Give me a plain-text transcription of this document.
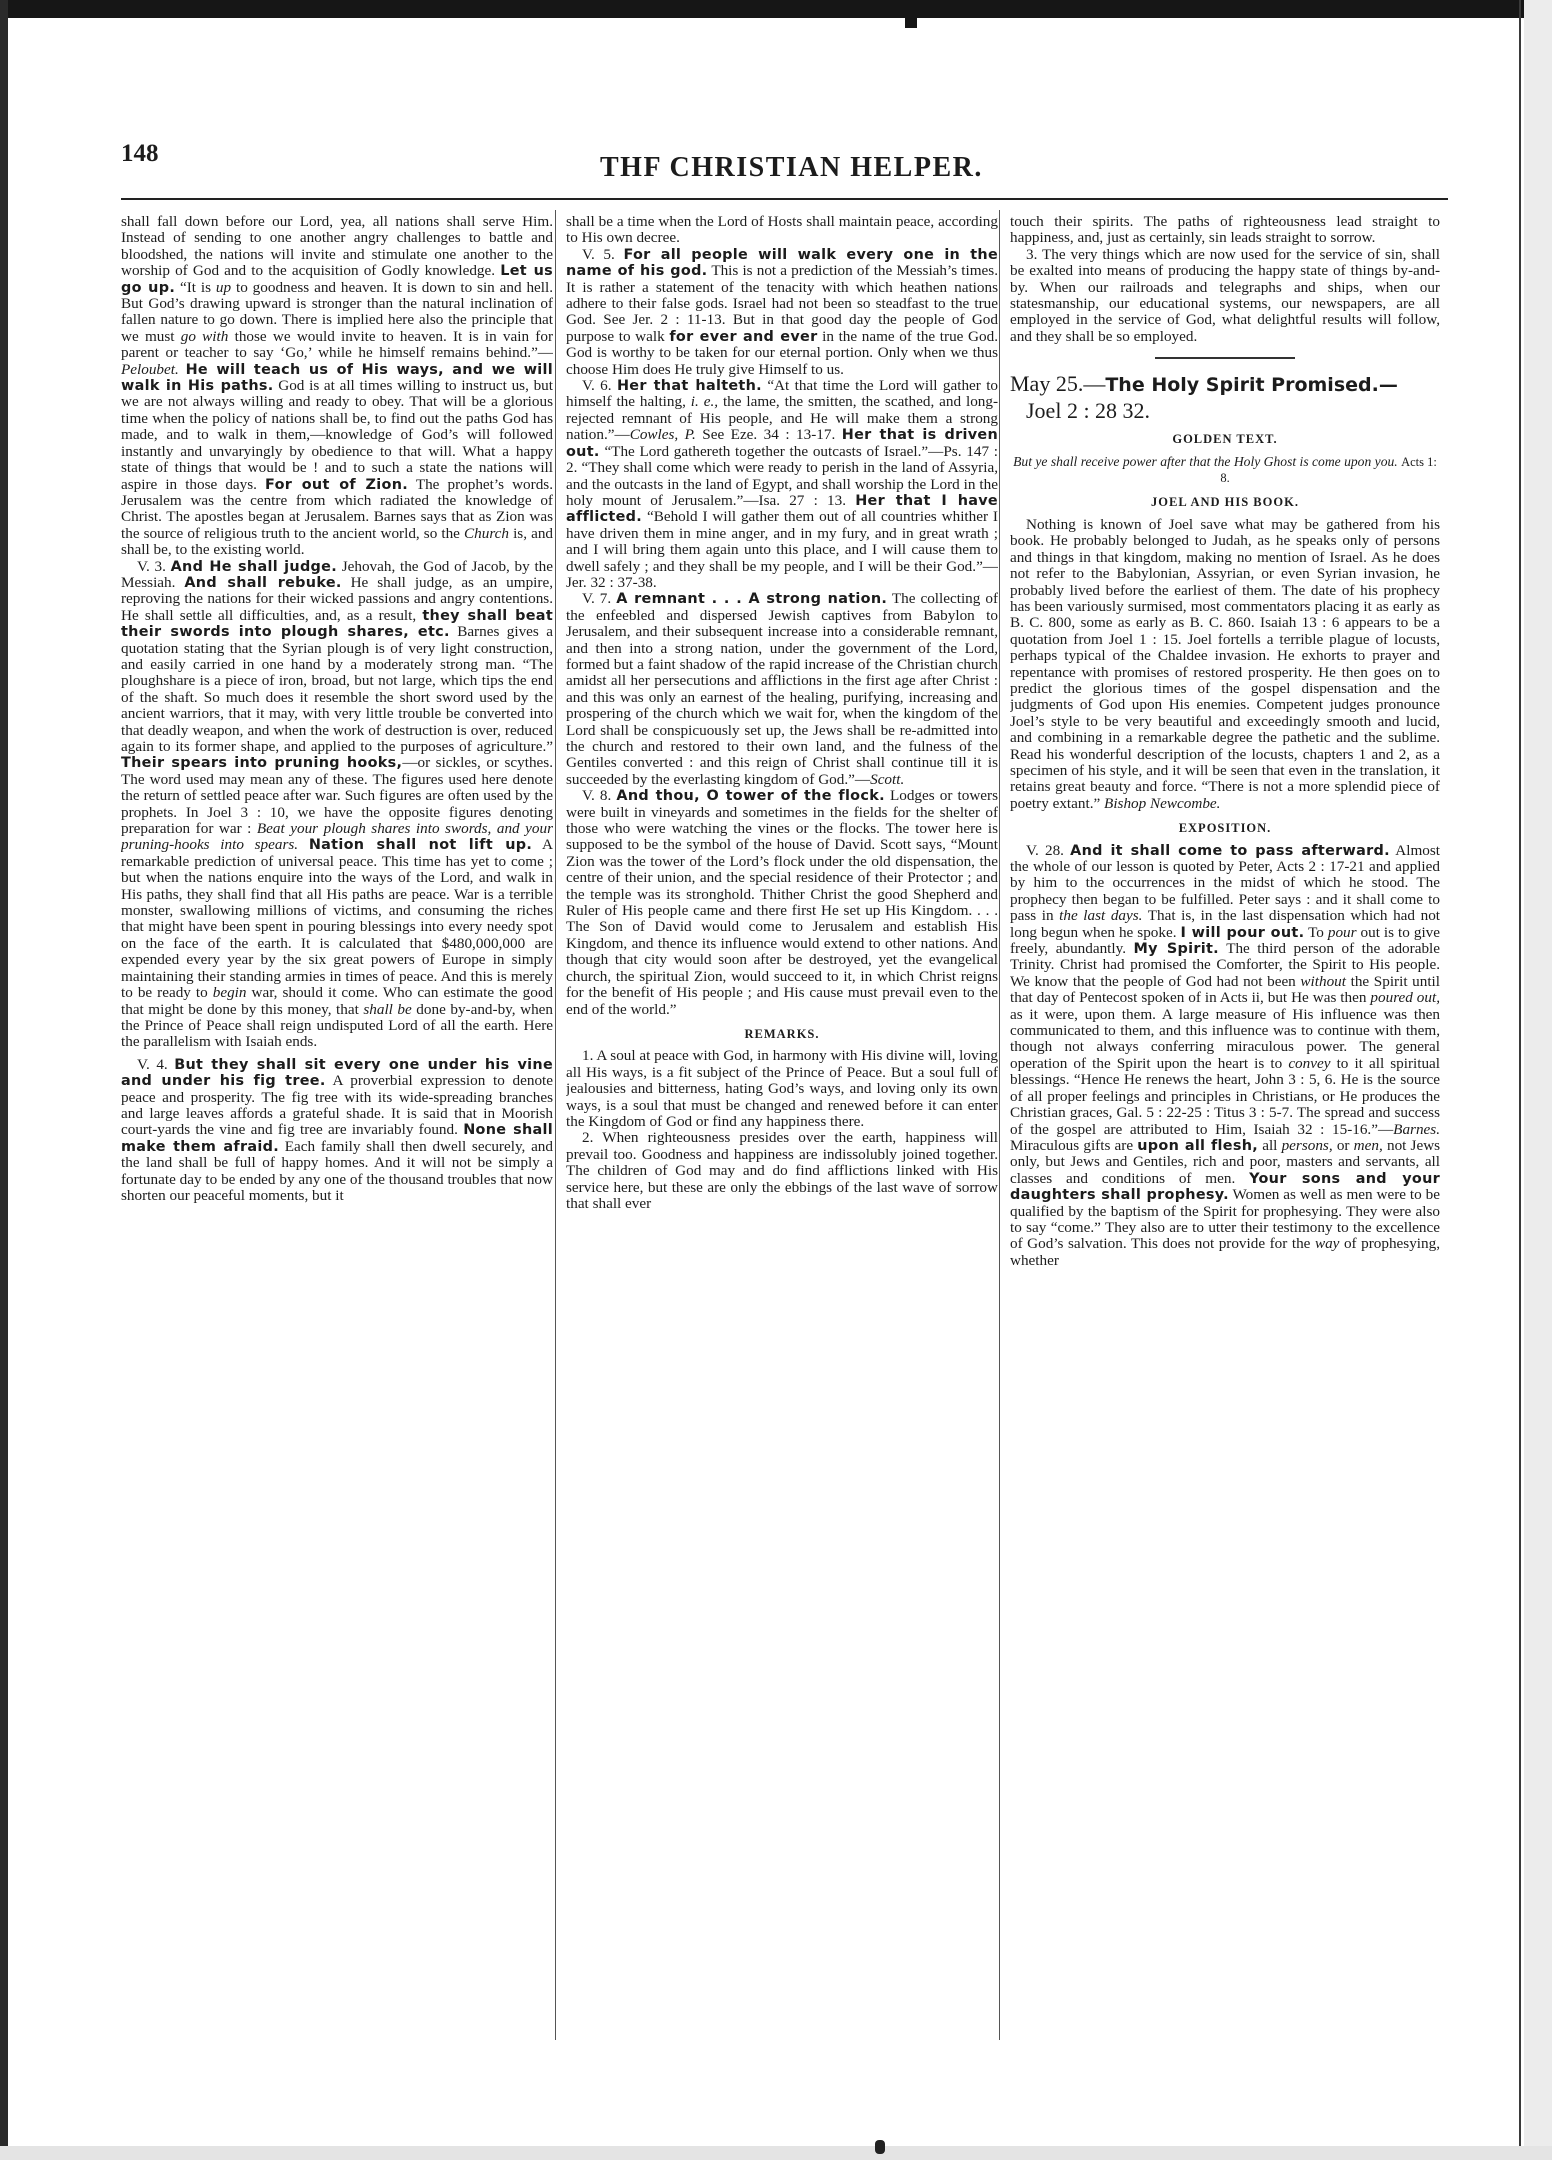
148	THF CHRISTIAN HELPER.

shall fall down before our Lord, yea, all nations shall serve Him. Instead of sending to one another angry challenges to battle and bloodshed, the nations will invite and stimulate one another to the worship of God and to the acquisition of Godly knowledge. Let us go up. “It is up to goodness and heaven. It is down to sin and hell. But God’s drawing upward is stronger than the natural inclination of fallen nature to go down. There is implied here also the principle that we must go with those we would invite to heaven. It is in vain for parent or teacher to say ‘Go,’ while he himself remains behind.”—Peloubet. He will teach us of His ways, and we will walk in His paths. God is at all times willing to instruct us, but we are not always willing and ready to obey. That will be a glorious time when the policy of nations shall be, to find out the paths God has made, and to walk in them,—knowledge of God’s will followed instantly and unvaryingly by obedience to that will. What a happy state of things that would be ! and to such a state the nations will aspire in those days. For out of Zion. The prophet’s words. Jerusalem was the centre from which radiated the knowledge of Christ. The apostles began at Jerusalem. Barnes says that as Zion was the source of religious truth to the ancient world, so the Church is, and shall be, to the existing world.

V. 3. And He shall judge. Jehovah, the God of Jacob, by the Messiah. And shall rebuke. He shall judge, as an umpire, reproving the nations for their wicked passions and angry contentions. He shall settle all difficulties, and, as a result, they shall beat their swords into plough shares, etc. Barnes gives a quotation stating that the Syrian plough is of very light construction, and easily carried in one hand by a moderately strong man. “The ploughshare is a piece of iron, broad, but not large, which tips the end of the shaft. So much does it resemble the short sword used by the ancient warriors, that it may, with very little trouble be converted into that deadly weapon, and when the work of destruction is over, reduced again to its former shape, and applied to the purposes of agriculture.” Their spears into pruning hooks,—or sickles, or scythes. The word used may mean any of these. The figures used here denote the return of settled peace after war. Such figures are often used by the prophets. In Joel 3 : 10, we have the opposite figures denoting preparation for war : Beat your plough shares into swords, and your pruning-hooks into spears. Nation shall not lift up. A remarkable prediction of universal peace. This time has yet to come ; but when the nations enquire into the ways of the Lord, and walk in His paths, they shall find that all His paths are peace. War is a terrible monster, swallowing millions of victims, and consuming the riches that might have been spent in pouring blessings into every needy spot on the face of the earth. It is calculated that $480,000,000 are expended every year by the six great powers of Europe in simply maintaining their standing armies in times of peace. And this is merely to be ready to begin war, should it come. Who can estimate the good that might be done by this money, that shall be done by-and-by, when the Prince of Peace shall reign undisputed Lord of all the earth. Here the parallelism with Isaiah ends.

V. 4. But they shall sit every one under his vine and under his fig tree. A proverbial expression to denote peace and prosperity. The fig tree with its wide-spreading branches and large leaves affords a grateful shade. It is said that in Moorish court-yards the vine and fig tree are invariably found. None shall make them afraid. Each family shall then dwell securely, and the land shall be full of happy homes. And it will not be simply a fortunate day to be ended by any one of the thousand troubles that now shorten our peaceful moments, but it

shall be a time when the Lord of Hosts shall maintain peace, according to His own decree.

V. 5. For all people will walk every one in the name of his god. This is not a prediction of the Messiah’s times. It is rather a statement of the tenacity with which heathen nations adhere to their false gods. Israel had not been so steadfast to the true God. See Jer. 2 : 11-13. But in that good day the people of God purpose to walk for ever and ever in the name of the true God. God is worthy to be taken for our eternal portion. Only when we thus choose Him does He truly give Himself to us.

V. 6. Her that halteth. “At that time the Lord will gather to himself the halting, i. e., the lame, the smitten, the scathed, and long-rejected remnant of His people, and He will make them a strong nation.”—Cowles, P. See Eze. 34 : 13-17. Her that is driven out. “The Lord gathereth together the outcasts of Israel.”—Ps. 147 : 2. “They shall come which were ready to perish in the land of Assyria, and the outcasts in the land of Egypt, and shall worship the Lord in the holy mount of Jerusalem.”—Isa. 27 : 13. Her that I have afflicted. “Behold I will gather them out of all countries whither I have driven them in mine anger, and in my fury, and in great wrath ; and I will bring them again unto this place, and I will cause them to dwell safely ; and they shall be my people, and I will be their God.”—Jer. 32 : 37-38.

V. 7. A remnant . . . A strong nation. The collecting of the enfeebled and dispersed Jewish captives from Babylon to Jerusalem, and their subsequent increase into a considerable remnant, and then into a strong nation, under the government of the Lord, formed but a faint shadow of the rapid increase of the Christian church amidst all her persecutions and afflictions in the first age after Christ : and this was only an earnest of the healing, purifying, increasing and prospering of the church which we wait for, when the kingdom of the Lord shall be conspicuously set up, the Jews shall be re-admitted into the church and restored to their own land, and the fulness of the Gentiles converted : and this reign of Christ shall continue till it is succeeded by the everlasting kingdom of God.”—Scott.

V. 8. And thou, O tower of the flock. Lodges or towers were built in vineyards and sometimes in the fields for the shelter of those who were watching the vines or the flocks. The tower here is supposed to be the symbol of the house of David. Scott says, “Mount Zion was the tower of the Lord’s flock under the old dispensation, the centre of their union, and the special residence of their Protector ; and the temple was its stronghold. Thither Christ the good Shepherd and Ruler of His people came and there first He set up His Kingdom. . . . The Son of David would come to Jerusalem and establish His Kingdom, and thence its influence would extend to other nations. And though that city would soon after be destroyed, yet the evangelical church, the spiritual Zion, would succeed to it, in which Christ reigns for the benefit of His people ; and His cause must prevail even to the end of the world.”

REMARKS.

1. A soul at peace with God, in harmony with His divine will, loving all His ways, is a fit subject of the Prince of Peace. But a soul full of jealousies and bitterness, hating God’s ways, and loving only its own ways, is a soul that must be changed and renewed before it can enter the Kingdom of God or find any happiness there.

2. When righteousness presides over the earth, happiness will prevail too. Goodness and happiness are indissolubly joined together. The children of God may and do find afflictions linked with His service here, but these are only the ebbings of the last wave of sorrow that shall ever

touch their spirits. The paths of righteousness lead straight to happiness, and, just as certainly, sin leads straight to sorrow.

3. The very things which are now used for the service of sin, shall be exalted into means of producing the happy state of things by-and-by. When our railroads and telegraphs and ships, when our statesmanship, our educational systems, our newspapers, are all employed in the service of God, what delightful results will follow, and they shall be so employed.

May 25.—The Holy Spirit Promised.—
Joel 2 : 28 32.

GOLDEN TEXT.

But ye shall receive power after that the Holy Ghost is come upon you. Acts 1: 8.

JOEL AND HIS BOOK.

Nothing is known of Joel save what may be gathered from his book. He probably belonged to Judah, as he speaks only of persons and things in that kingdom, making no mention of Israel. As he does not refer to the Babylonian, Assyrian, or even Syrian invasion, he probably lived before the earliest of them. The date of his prophecy has been variously surmised, most commentators placing it as early as B. C. 800, some as early as B. C. 860. Isaiah 13 : 6 appears to be a quotation from Joel 1 : 15. Joel fortells a terrible plague of locusts, perhaps typical of the Chaldee invasion. He exhorts to prayer and repentance with promises of restored prosperity. He then goes on to predict the glorious times of the gospel dispensation and the judgments of God upon His enemies. Competent judges pronounce Joel’s style to be very beautiful and exceedingly smooth and lucid, and combining in a remarkable degree the pathetic and the sublime. Read his wonderful description of the locusts, chapters 1 and 2, as a specimen of his style, and it will be seen that even in the translation, it retains great beauty and force. “There is not a more splendid piece of poetry extant.” Bishop Newcombe.

EXPOSITION.

V. 28. And it shall come to pass afterward. Almost the whole of our lesson is quoted by Peter, Acts 2 : 17-21 and applied by him to the occurrences in the midst of which he stood. The prophecy then began to be fulfilled. Peter says : and it shall come to pass in the last days. That is, in the last dispensation which had not long begun when he spoke. I will pour out. To pour out is to give freely, abundantly. My Spirit. The third person of the adorable Trinity. Christ had promised the Comforter, the Spirit to His people. We know that the people of God had not been without the Spirit until that day of Pentecost spoken of in Acts ii, but He was then poured out, as it were, upon them. A large measure of His influence was then communicated to them, and this influence was to continue with them, though not always conferring miraculous power. The general operation of the Spirit upon the heart is to convey to it all spiritual blessings. “Hence He renews the heart, John 3 : 5, 6. He is the source of all proper feelings and principles in Christians, or He produces the Christian graces, Gal. 5 : 22-25 : Titus 3 : 5-7. The spread and success of the gospel are attributed to Him, Isaiah 32 : 15-16.”—Barnes. Miraculous gifts are upon all flesh, all persons, or men, not Jews only, but Jews and Gentiles, rich and poor, masters and servants, all classes and conditions of men. Your sons and your daughters shall prophesy. Women as well as men were to be qualified by the baptism of the Spirit for prophesying. They were also to say “come.” They also are to utter their testimony to the excellence of God’s salvation. This does not provide for the way of prophesying, whether
